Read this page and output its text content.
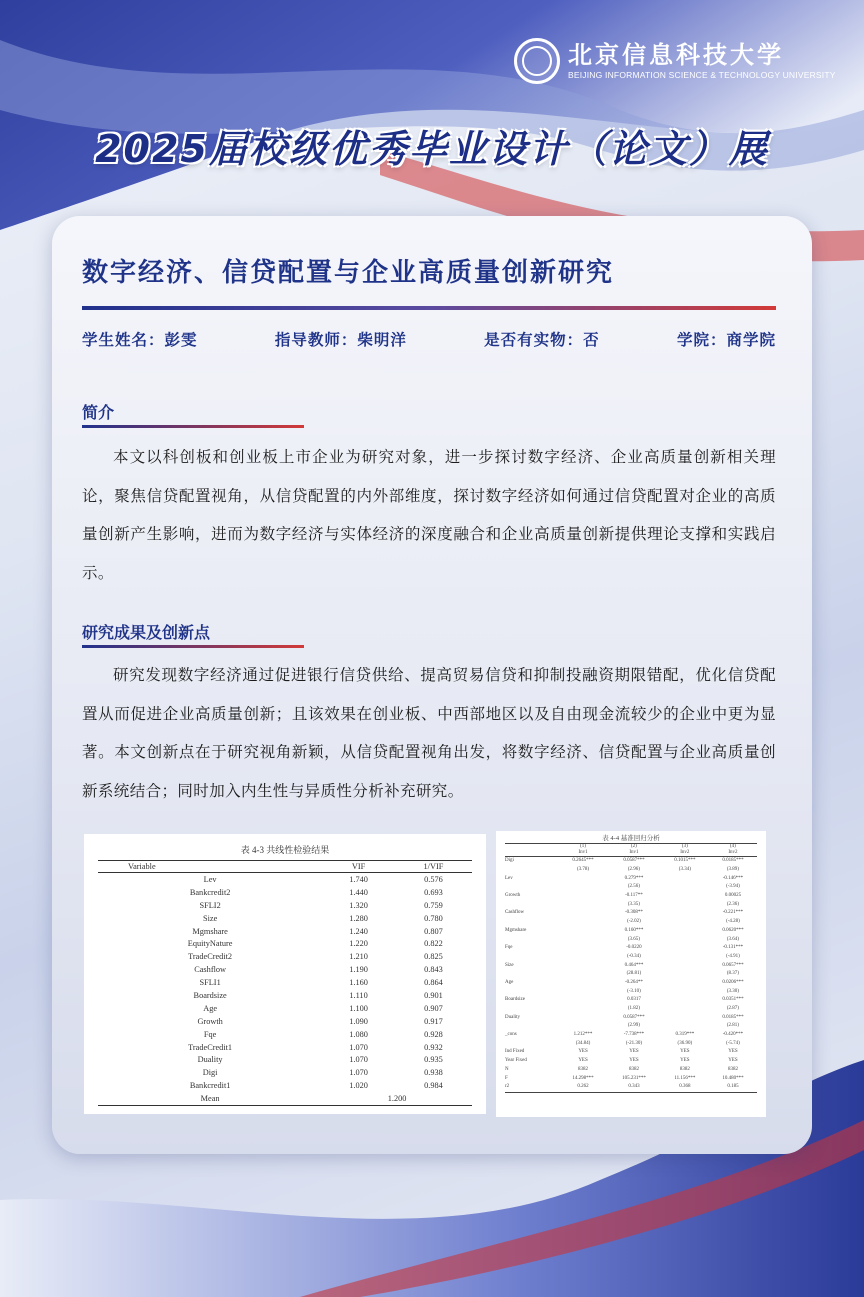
北京信息科技大学
BEIJING INFORMATION SCIENCE & TECHNOLOGY UNIVERSITY
2025届校级优秀毕业设计（论文）展
数字经济、信贷配置与企业高质量创新研究
学生姓名：彭雯	指导教师：柴明洋	是否有实物：否	学院：商学院
简介
本文以科创板和创业板上市企业为研究对象，进一步探讨数字经济、企业高质量创新相关理论，聚焦信贷配置视角，从信贷配置的内外部维度，探讨数字经济如何通过信贷配置对企业的高质量创新产生影响，进而为数字经济与实体经济的深度融合和企业高质量创新提供理论支撑和实践启示。
研究成果及创新点
研究发现数字经济通过促进银行信贷供给、提高贸易信贷和抑制投融资期限错配，优化信贷配置从而促进企业高质量创新；且该效果在创业板、中西部地区以及自由现金流较少的企业中更为显著。本文创新点在于研究视角新颖，从信贷配置视角出发，将数字经济、信贷配置与企业高质量创新系统结合；同时加入内生性与异质性分析补充研究。
表 4-3 共线性检验结果
Variable	VIF	1/VIF
Lev	1.740	0.576
Bankcredit2	1.440	0.693
SFLI2	1.320	0.759
Size	1.280	0.780
Mgmshare	1.240	0.807
EquityNature	1.220	0.822
TradeCredit2	1.210	0.825
Cashflow	1.190	0.843
SFLI1	1.160	0.864
Boardsize	1.110	0.901
Age	1.100	0.907
Growth	1.090	0.917
Fqe	1.080	0.928
TradeCredit1	1.070	0.932
Duality	1.070	0.935
Digi	1.070	0.938
Bankcredit1	1.020	0.984
Mean	1.200	
表 4-4 基准回归分析
	(1)	(2)	(3)	(4)
	Inv1	Inv1	Inv2	Inv2
Digi	0.2645***	0.0587***	0.1015***	0.0185***
	(3.78)	(2.96)	(3.34)	(3.89)
Lev		0.279***		-0.146***
		(2.56)		(-3.94)
Growth		-0.117**		0.00025
		(3.35)		(2.36)
Cashflow		-0.308**		-0.221***
		(-2.02)		(-4.28)
Mgmshare		0.160***		0.0620***
		(3.65)		(3.64)
Fqe		-0.0220		-0.131***
		(-0.34)		(-4.91)
Size		0.464***		0.0657***
		(28.81)		(8.37)
Age		-0.264**		0.0206***
		(-3.10)		(3.30)
Boardsize		0.0317		0.0351***
		(1.82)		(2.87)
Duality		0.0587***		0.0185***
		(2.99)		(2.81)
_cons	1.212***	-7.738***	0.319***	-0.420***
	(34.84)	(-21.30)	(36.90)	(-5.74)
Ind Fixed	YES	YES	YES	YES
Year Fixed	YES	YES	YES	YES
N	8382	8382	8382	8382
F	14.298***	105.231***	11.156***	10.480***
r2	0.262	0.343	0.368	0.185
